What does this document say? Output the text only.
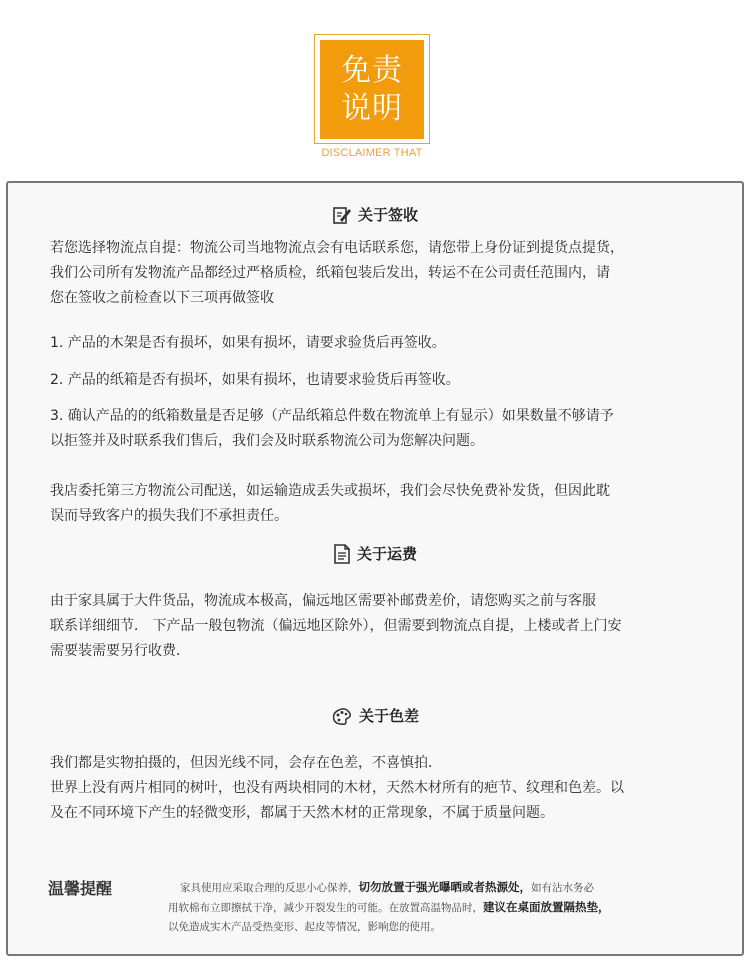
免责
说明
DISCLAIMER THAT
关于签收
若您选择物流点自提：物流公司当地物流点会有电话联系您，请您带上身份证到提货点提货，
我们公司所有发物流产品都经过严格质检，纸箱包装后发出，转运不在公司责任范围内，请
您在签收之前检查以下三项再做签收
1. 产品的木架是否有损坏，如果有损坏，请要求验货后再签收。
2. 产品的纸箱是否有损坏，如果有损坏，也请要求验货后再签收。
3. 确认产品的的纸箱数量是否足够（产品纸箱总件数在物流单上有显示）如果数量不够请予
以拒签并及时联系我们售后，我们会及时联系物流公司为您解决问题。
我店委托第三方物流公司配送，如运输造成丢失或损坏，我们会尽快免费补发货，但因此耽
误而导致客户的损失我们不承担责任。
关于运费
由于家具属于大件货品，物流成本极高，偏远地区需要补邮费差价，请您购买之前与客服
联系详细细节． 下产品一般包物流（偏远地区除外），但需要到物流点自提，上楼或者上门安
需要装需要另行收费．
关于色差
我们都是实物拍摄的，但因光线不同，会存在色差，不喜慎拍．
世界上没有两片相同的树叶，也没有两块相同的木材，天然木材所有的疤节、纹理和色差。以
及在不同环境下产生的轻微变形，都属于天然木材的正常现象，不属于质量问题。
温馨提醒	家具使用应采取合理的反思小心保养，切勿放置于强光曝晒或者热源处，如有沾水务必
用软棉布立即擦拭干净，减少开裂发生的可能。在放置高温物品时，建议在桌面放置隔热垫，
以免造成实木产品受热变形、起皮等情况，影响您的使用。
